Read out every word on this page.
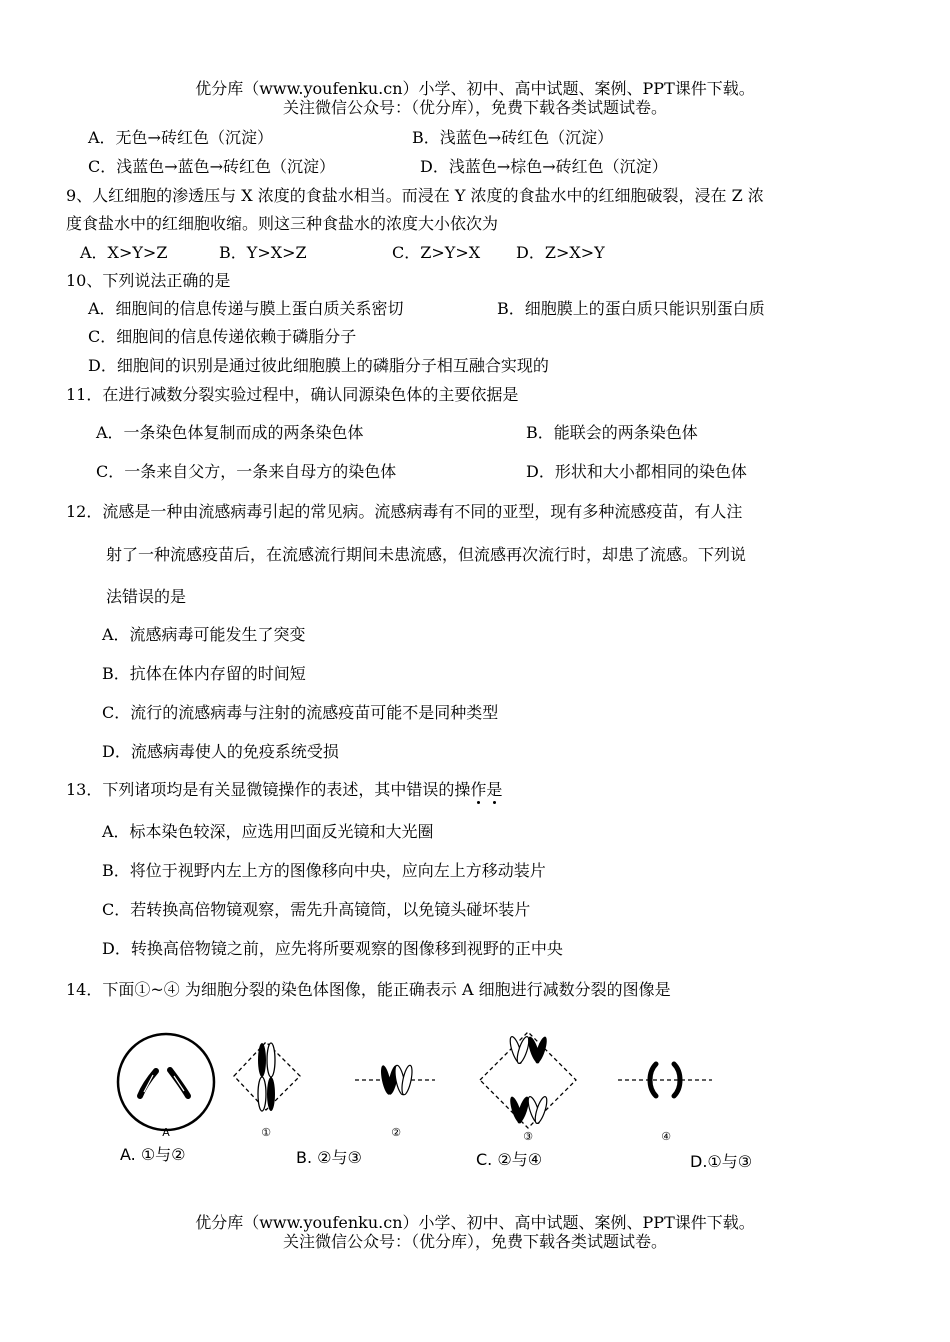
优分库（www.youfenku.cn）小学、初中、高中试题、案例、PPT课件下载。
关注微信公众号：（优分库），免费下载各类试题试卷。
A．无色→砖红色（沉淀）	B．浅蓝色→砖红色（沉淀）
C．浅蓝色→蓝色→砖红色（沉淀）	D．浅蓝色→棕色→砖红色（沉淀）
9、人红细胞的渗透压与 X 浓度的食盐水相当。而浸在 Y 浓度的食盐水中的红细胞破裂，浸在 Z 浓
度食盐水中的红细胞收缩。则这三种食盐水的浓度大小依次为
A．X>Y>Z	B．Y>X>Z	C．Z>Y>X D．Z>X>Y
10、下列说法正确的是
A．细胞间的信息传递与膜上蛋白质关系密切	B．细胞膜上的蛋白质只能识别蛋白质
C．细胞间的信息传递依赖于磷脂分子
D．细胞间的识别是通过彼此细胞膜上的磷脂分子相互融合实现的
11．在进行减数分裂实验过程中，确认同源染色体的主要依据是
A．一条染色体复制而成的两条染色体	B．能联会的两条染色体
C．一条来自父方，一条来自母方的染色体	D．形状和大小都相同的染色体
12．流感是一种由流感病毒引起的常见病。流感病毒有不同的亚型，现有多种流感疫苗，有人注
射了一种流感疫苗后，在流感流行期间未患流感，但流感再次流行时，却患了流感。下列说
法错误的是
A．流感病毒可能发生了突变
B．抗体在体内存留的时间短
C．流行的流感病毒与注射的流感疫苗可能不是同种类型
D．流感病毒使人的免疫系统受损
13．下列诸项均是有关显微镜操作的表述，其中错误的操作是
A．标本染色较深，应选用凹面反光镜和大光圈
B．将位于视野内左上方的图像移向中央，应向左上方移动装片
C．若转换高倍物镜观察，需先升高镜筒，以免镜头碰坏装片
D．转换高倍物镜之前，应先将所要观察的图像移到视野的正中央
14．下面①~④ 为细胞分裂的染色体图像，能正确表示 A 细胞进行减数分裂的图像是
A	①	②	③	④
A. ①与②	B. ②与③	C. ②与④	D.①与③
优分库（www.youfenku.cn）小学、初中、高中试题、案例、PPT课件下载。
关注微信公众号：（优分库），免费下载各类试题试卷。
